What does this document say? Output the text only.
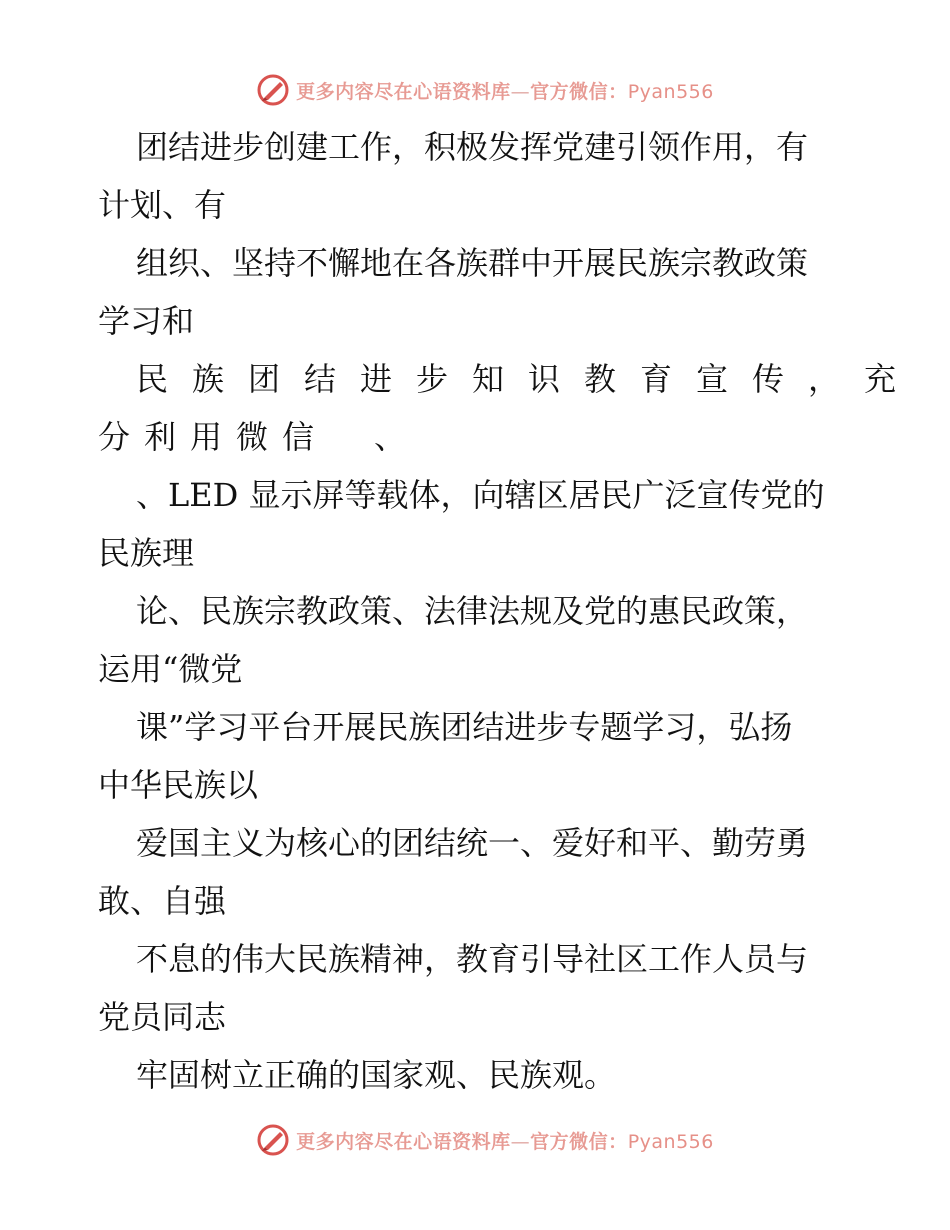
更多内容尽在心语资料库—官方微信：Pyan556

团结进步创建工作，积极发挥党建引领作用，有
计划、有

组织、坚持不懈地在各族群中开展民族宗教政策
学习和

民族团结进步知识教育宣传，充
分利用微信　、

、LED 显示屏等载体，向辖区居民广泛宣传党的
民族理

论、民族宗教政策、法律法规及党的惠民政策，
运用“微党

课”学习平台开展民族团结进步专题学习，弘扬
中华民族以

爱国主义为核心的团结统一、爱好和平、勤劳勇
敢、自强

不息的伟大民族精神，教育引导社区工作人员与
党员同志

牢固树立正确的国家观、民族观。

更多内容尽在心语资料库—官方微信：Pyan556
